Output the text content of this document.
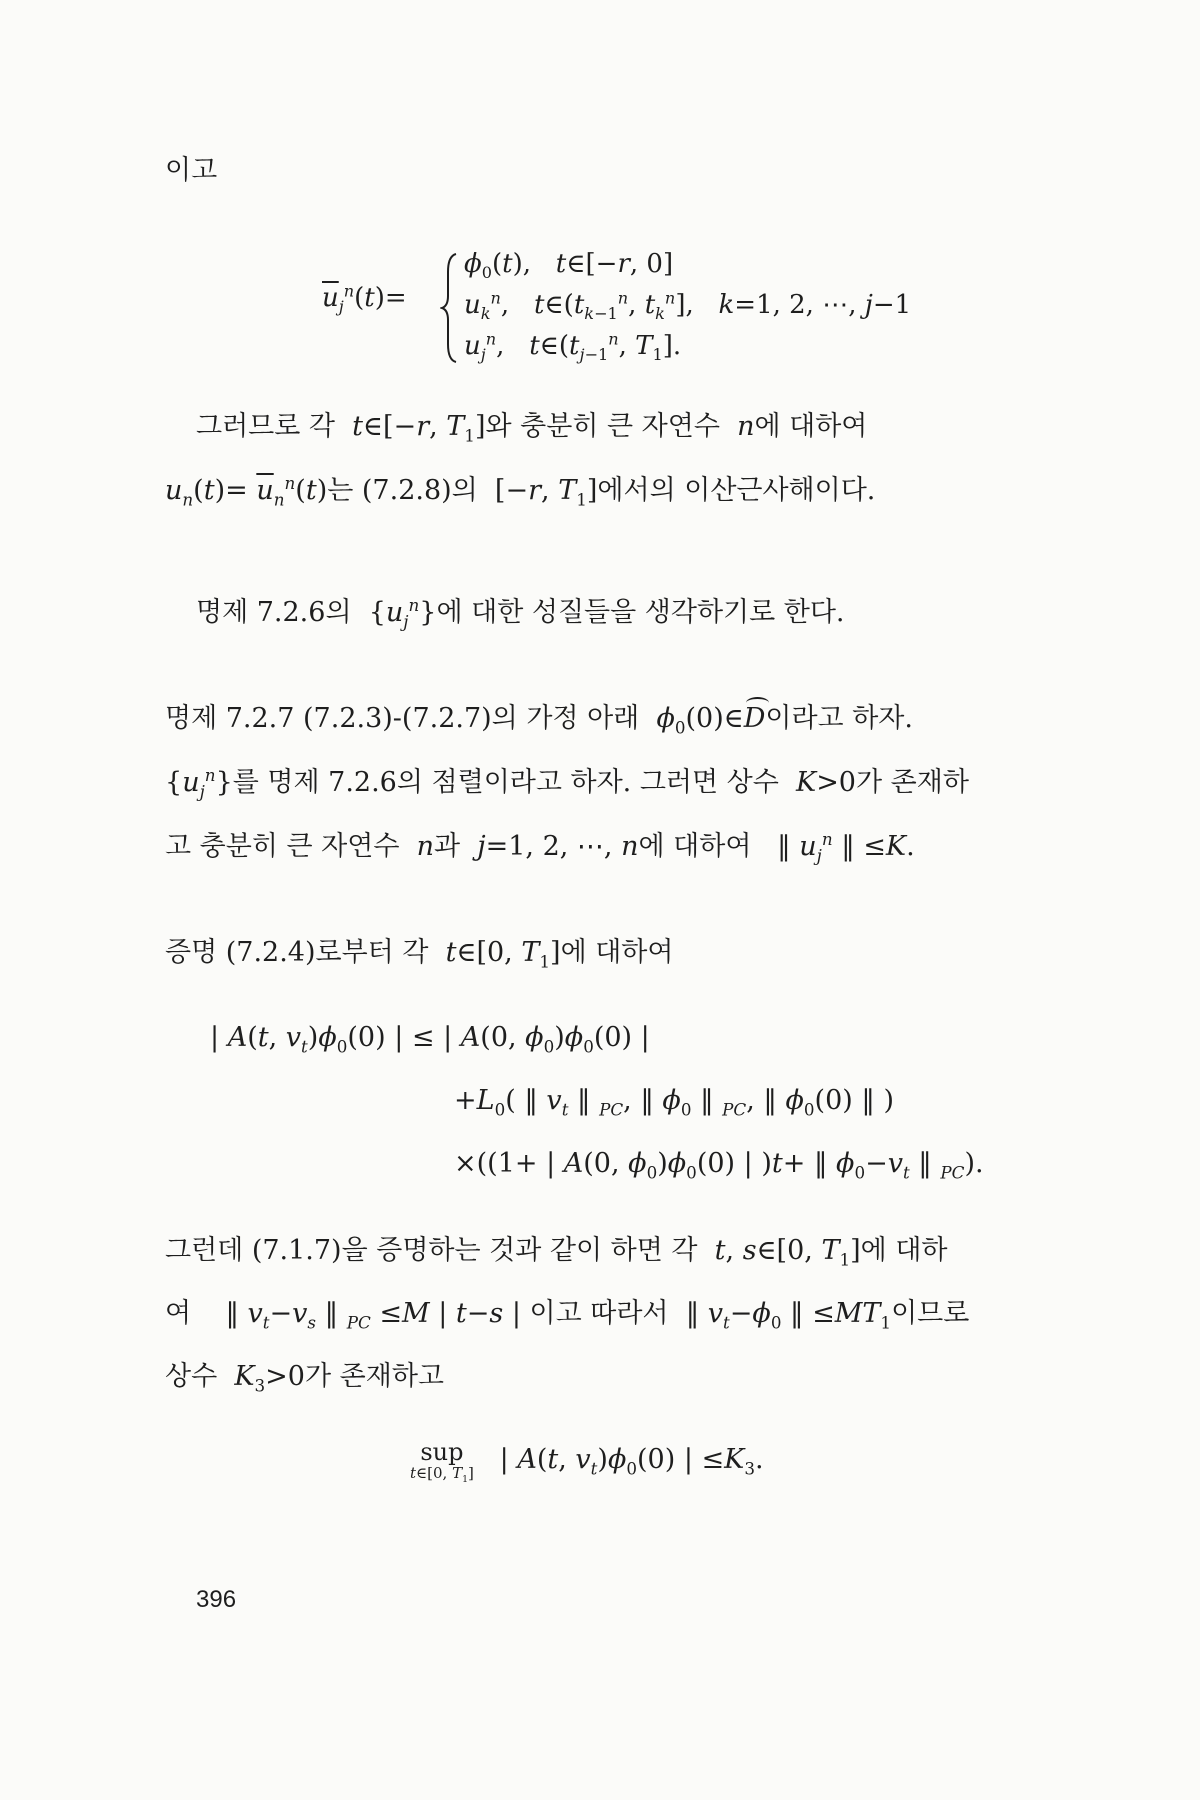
이고
$\overline{u}_j^n(t)=$
$\phi_0(t)$,   t∈[−r, 0]
$u_k^n$,   $t\in(t_{k-1}^n$, $t_k^n$],   k=1, 2, ⋯, j−1
$u_j^n$,   $t\in(t_{j-1}^n$, $T_1$].
그러므로 각 t∈[−r, $T_1$]와 충분히 큰 자연수 n에 대하여
$u_n(t)= \overline{u}_n^n(t)$는 (7.2.8)의 [−r, $T_1$]에서의 이산근사해이다.
명제 7.2.6의 $\{u_j^n\}$에 대한 성질들을 생각하기로 한다.
명제 7.2.7 (7.2.3)-(7.2.7)의 가정 아래 $\phi_0(0)\in D$이라고 하자.
$\{u_j^n\}$를 명제 7.2.6의 점렬이라고 하자. 그러면 상수 K>0가 존재하
고 충분히 큰 자연수 n과 j=1, 2, ⋯, n에 대하여 ‖ $u_j^n$ ‖ ≤K.
증명 (7.2.4)로부터 각 t∈[0, $T_1$]에 대하여
| A(t, $v_t)\phi_0(0)$ | ≤ | A(0, $\phi_0)\phi_0(0)$ |
$+L_0$( ‖ $v_t$ ‖ $_{PC}$, ‖ $\phi_0$ ‖ $_{PC}$, ‖ $\phi_0(0)$ ‖ )
×((1+ | A(0, $\phi_0)\phi_0(0)$ | )t+ ‖ $\phi_0-v_t$ ‖ $_{PC}$).
그런데 (7.1.7)을 증명하는 것과 같이 하면 각 t, s∈[0, $T_1$]에 대하
여 ‖ $v_t-v_s$ ‖ $_{PC}$ ≤M | t−s | 이고 따라서 ‖ $v_t-\phi_0$ ‖ $\le MT_1$이므로
상수 $K_3>0$가 존재하고
sup
t∈[0, $T_1$] | A(t, $v_t)\phi_0(0)$ | $\le K_3$.
396
